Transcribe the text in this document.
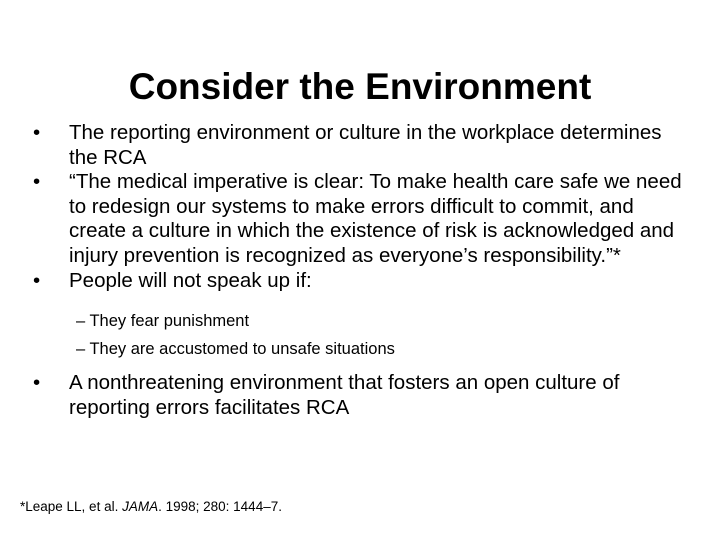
Consider the Environment
• The reporting environment or culture in the workplace determines the RCA
• “The medical imperative is clear: To make health care safe we need to redesign our systems to make errors difficult to commit, and create a culture in which the existence of risk is acknowledged and injury prevention is recognized as everyone’s responsibility.”*
• People will not speak up if:
– They fear punishment
– They are accustomed to unsafe situations
• A nonthreatening environment that fosters an open culture of reporting errors facilitates RCA
*Leape LL, et al. JAMA. 1998; 280: 1444–7.
